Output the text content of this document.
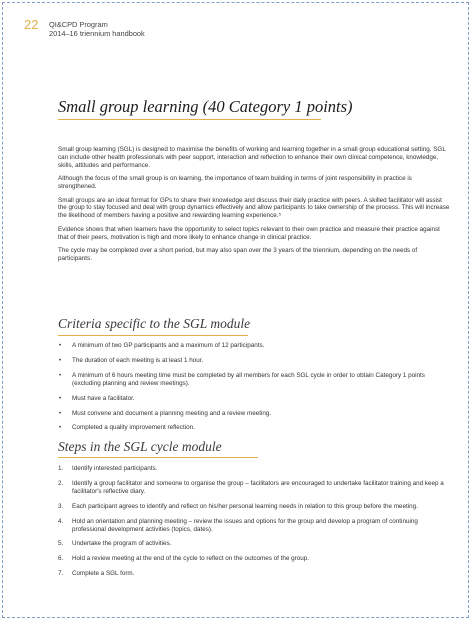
22	QI&CPD Program
2014–16 triennium handbook
Small group learning (40 Category 1 points)

Small group learning (SGL) is designed to maximise the benefits of working and learning together in a small group educational setting. SGL can include other health professionals with peer support, interaction and reflection to enhance their own clinical competence, knowledge, skills, attitudes and performance.

Although the focus of the small group is on learning, the importance of team building in terms of joint responsibility in practice is strengthened.

Small groups are an ideal format for GPs to share their knowledge and discuss their daily practice with peers. A skilled facilitator will assist the group to stay focused and deal with group dynamics effectively and allow participants to take ownership of the process. This will increase the likelihood of members having a positive and rewarding learning experience.⁵

Evidence shows that when learners have the opportunity to select topics relevant to their own practice and measure their practice against that of their peers, motivation is high and more likely to enhance change in clinical practice.

The cycle may be completed over a short period, but may also span over the 3 years of the triennium, depending on the needs of participants.

Criteria specific to the SGL module
• A minimum of two GP participants and a maximum of 12 participants.
• The duration of each meeting is at least 1 hour.
• A minimum of 6 hours meeting time must be completed by all members for each SGL cycle in order to obtain Category 1 points (excluding planning and review meetings).
• Must have a facilitator.
• Must convene and document a planning meeting and a review meeting.
• Completed a quality improvement reflection.
Steps in the SGL cycle module
1. Identify interested participants.
2. Identify a group facilitator and someone to organise the group – facilitators are encouraged to undertake facilitator training and keep a facilitator's reflective diary.
3. Each participant agrees to identify and reflect on his/her personal learning needs in relation to this group before the meeting.
4. Hold an orientation and planning meeting – review the issues and options for the group and develop a program of continuing professional development activities (topics, dates).
5. Undertake the program of activities.
6. Hold a review meeting at the end of the cycle to reflect on the outcomes of the group.
7. Complete a SGL form.
